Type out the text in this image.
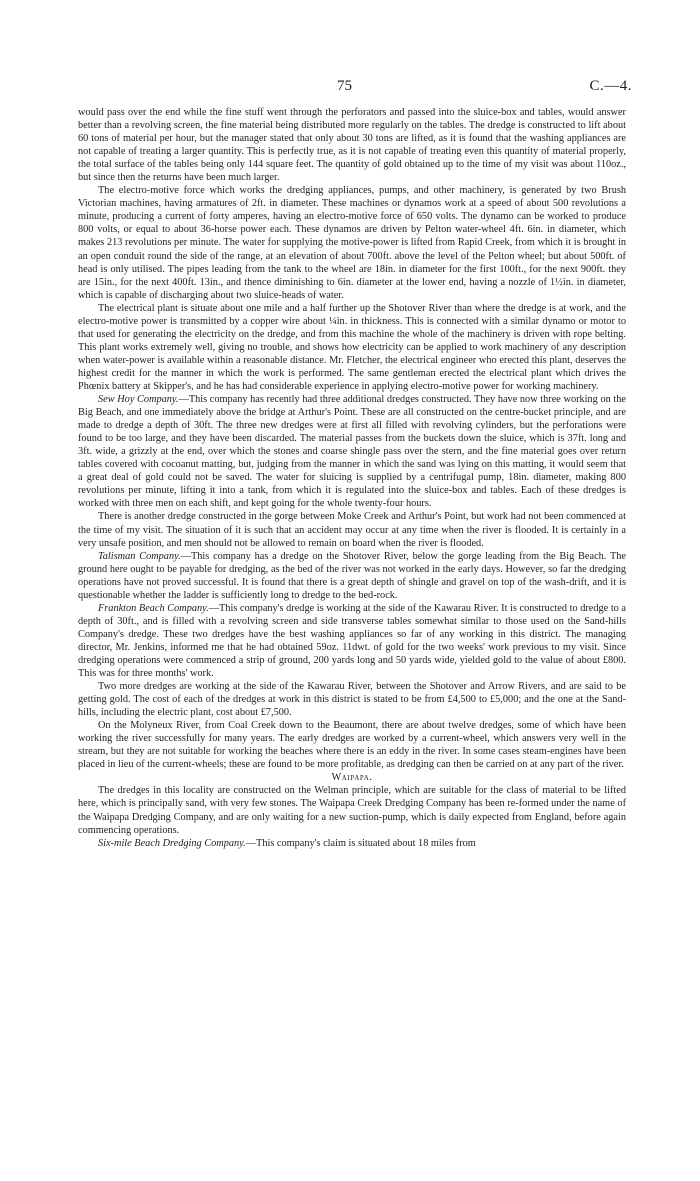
75	C.—4.

would pass over the end while the fine stuff went through the perforators and passed into the sluice-box and tables, would answer better than a revolving screen, the fine material being distributed more regularly on the tables. The dredge is constructed to lift about 60 tons of material per hour, but the manager stated that only about 30 tons are lifted, as it is found that the washing appliances are not capable of treating a larger quantity. This is perfectly true, as it is not capable of treating even this quantity of material properly, the total surface of the tables being only 144 square feet. The quantity of gold obtained up to the time of my visit was about 110oz., but since then the returns have been much larger.

The electro-motive force which works the dredging appliances, pumps, and other machinery, is generated by two Brush Victorian machines, having armatures of 2ft. in diameter. These machines or dynamos work at a speed of about 500 revolutions a minute, producing a current of forty amperes, having an electro-motive force of 650 volts. The dynamo can be worked to produce 800 volts, or equal to about 36-horse power each. These dynamos are driven by Pelton water-wheel 4ft. 6in. in diameter, which makes 213 revolutions per minute. The water for supplying the motive-power is lifted from Rapid Creek, from which it is brought in an open conduit round the side of the range, at an elevation of about 700ft. above the level of the Pelton wheel; but about 500ft. of head is only utilised. The pipes leading from the tank to the wheel are 18in. in diameter for the first 100ft., for the next 900ft. they are 15in., for the next 400ft. 13in., and thence diminishing to 6in. diameter at the lower end, having a nozzle of 1½in. in diameter, which is capable of discharging about two sluice-heads of water.

The electrical plant is situate about one mile and a half further up the Shotover River than where the dredge is at work, and the electro-motive power is transmitted by a copper wire about ¼in. in thickness. This is connected with a similar dynamo or motor to that used for generating the electricity on the dredge, and from this machine the whole of the machinery is driven with rope belting. This plant works extremely well, giving no trouble, and shows how electricity can be applied to work machinery of any description when water-power is available within a reasonable distance. Mr. Fletcher, the electrical engineer who erected this plant, deserves the highest credit for the manner in which the work is performed. The same gentleman erected the electrical plant which drives the Phœnix battery at Skipper's, and he has had considerable experience in applying electro-motive power for working machinery.

Sew Hoy Company.—This company has recently had three additional dredges constructed. They have now three working on the Big Beach, and one immediately above the bridge at Arthur's Point. These are all constructed on the centre-bucket principle, and are made to dredge a depth of 30ft. The three new dredges were at first all filled with revolving cylinders, but the perforations were found to be too large, and they have been discarded. The material passes from the buckets down the sluice, which is 37ft. long and 3ft. wide, a grizzly at the end, over which the stones and coarse shingle pass over the stern, and the fine material goes over return tables covered with cocoanut matting, but, judging from the manner in which the sand was lying on this matting, it would seem that a great deal of gold could not be saved. The water for sluicing is supplied by a centrifugal pump, 18in. diameter, making 800 revolutions per minute, lifting it into a tank, from which it is regulated into the sluice-box and tables. Each of these dredges is worked with three men on each shift, and kept going for the whole twenty-four hours.

There is another dredge constructed in the gorge between Moke Creek and Arthur's Point, but work had not been commenced at the time of my visit. The situation of it is such that an accident may occur at any time when the river is flooded. It is certainly in a very unsafe position, and men should not be allowed to remain on board when the river is flooded.

Talisman Company.—This company has a dredge on the Shotover River, below the gorge leading from the Big Beach. The ground here ought to be payable for dredging, as the bed of the river was not worked in the early days. However, so far the dredging operations have not proved successful. It is found that there is a great depth of shingle and gravel on top of the wash-drift, and it is questionable whether the ladder is sufficiently long to dredge to the bed-rock.

Frankton Beach Company.—This company's dredge is working at the side of the Kawarau River. It is constructed to dredge to a depth of 30ft., and is filled with a revolving screen and side transverse tables somewhat similar to those used on the Sand-hills Company's dredge. These two dredges have the best washing appliances so far of any working in this district. The managing director, Mr. Jenkins, informed me that he had obtained 59oz. 11dwt. of gold for the two weeks' work previous to my visit. Since dredging operations were commenced a strip of ground, 200 yards long and 50 yards wide, yielded gold to the value of about £800. This was for three months' work.

Two more dredges are working at the side of the Kawarau River, between the Shotover and Arrow Rivers, and are said to be getting gold. The cost of each of the dredges at work in this district is stated to be from £4,500 to £5,000; and the one at the Sand-hills, including the electric plant, cost about £7,500.

On the Molyneux River, from Coal Creek down to the Beaumont, there are about twelve dredges, some of which have been working the river successfully for many years. The early dredges are worked by a current-wheel, which answers very well in the stream, but they are not suitable for working the beaches where there is an eddy in the river. In some cases steam-engines have been placed in lieu of the current-wheels; these are found to be more profitable, as dredging can then be carried on at any part of the river.

Waipapa.

The dredges in this locality are constructed on the Welman principle, which are suitable for the class of material to be lifted here, which is principally sand, with very few stones. The Waipapa Creek Dredging Company has been re-formed under the name of the Waipapa Dredging Company, and are only waiting for a new suction-pump, which is daily expected from England, before again commencing operations.

Six-mile Beach Dredging Company.—This company's claim is situated about 18 miles from
